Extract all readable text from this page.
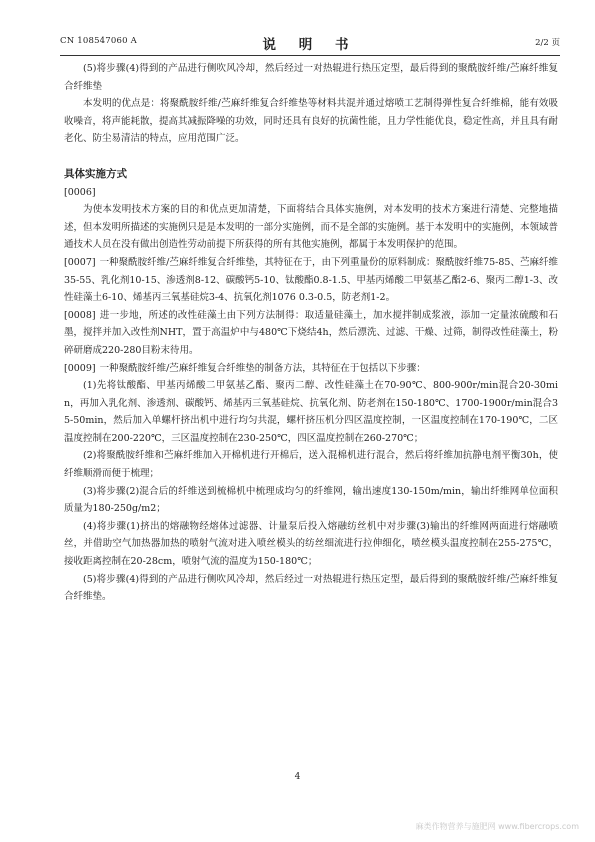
CN 108547060 A	说 明 书	2/2 页

(5)将步骤(4)得到的产品进行侧吹风冷却，然后经过一对热辊进行热压定型，最后得到的聚酰胺纤维/苎麻纤维复合纤维垫

本发明的优点是：将聚酰胺纤维/苎麻纤维复合纤维垫等材料共混并通过熔喷工艺制得弹性复合纤维棉，能有效吸收噪音，将声能耗散，提高其减振降噪的功效，同时还具有良好的抗菌性能，且力学性能优良，稳定性高，并且具有耐老化、防尘易清洁的特点，应用范围广泛。

具体实施方式

[0006]

为使本发明技术方案的目的和优点更加清楚，下面将结合具体实施例，对本发明的技术方案进行清楚、完整地描述，但本发明所描述的实施例只是是本发明的一部分实施例，而不是全部的实施例。基于本发明中的实施例，本领域普通技术人员在没有做出创造性劳动前提下所获得的所有其他实施例，都属于本发明保护的范围。

[0007] 一种聚酰胺纤维/苎麻纤维复合纤维垫，其特征在于，由下列重量份的原料制成：聚酰胺纤维75-85、苎麻纤维35-55、乳化剂10-15、渗透剂8-12、碳酸钙5-10、钛酸酯0.8-1.5、甲基丙烯酸二甲氨基乙酯2-6、聚丙二醇1-3、改性硅藻土6-10、烯基丙三氧基硅烷3-4、抗氧化剂1076 0.3-0.5，防老剂1-2。

[0008] 进一步地，所述的改性硅藻土由下列方法制得：取适量硅藻土，加水搅拌制成浆液，添加一定量浓硫酸和石墨，搅拌并加入改性剂NHT，置于高温炉中与480℃下烧结4h，然后漂洗、过滤、干燥、过筛，制得改性硅藻土，粉碎研磨成220-280目粉末待用。

[0009] 一种聚酰胺纤维/苎麻纤维复合纤维垫的制备方法，其特征在于包括以下步骤：

(1)先将钛酸酯、甲基丙烯酸二甲氨基乙酯、聚丙二醇、改性硅藻土在70-90℃、800-900r/min混合20-30min，再加入乳化剂、渗透剂、碳酸钙、烯基丙三氧基硅烷、抗氧化剂、防老剂在150-180℃、1700-1900r/min混合35-50min，然后加入单螺杆挤出机中进行均匀共混，螺杆挤压机分四区温度控制，一区温度控制在170-190℃，二区温度控制在200-220℃，三区温度控制在230-250℃，四区温度控制在260-270℃；

(2)将聚酰胺纤维和苎麻纤维加入开棉机进行开棉后，送入混棉机进行混合，然后将纤维加抗静电剂平衡30h，使纤维顺滑而便于梳理；

(3)将步骤(2)混合后的纤维送到梳棉机中梳理成均匀的纤维网，输出速度130-150m/min，输出纤维网单位面积质量为180-250g/m2；

(4)将步骤(1)挤出的熔融物经熔体过滤器、计量泵后投入熔融纺丝机中对步骤(3)输出的纤维网两面进行熔融喷丝，并借助空气加热器加热的喷射气流对进入喷丝模头的纺丝细流进行拉伸细化，喷丝模头温度控制在255-275℃，接收距离控制在20-28cm，喷射气流的温度为150-180℃；

(5)将步骤(4)得到的产品进行侧吹风冷却，然后经过一对热辊进行热压定型，最后得到的聚酰胺纤维/苎麻纤维复合纤维垫。

4
麻类作物营养与施肥网 www.fibercrops.com
